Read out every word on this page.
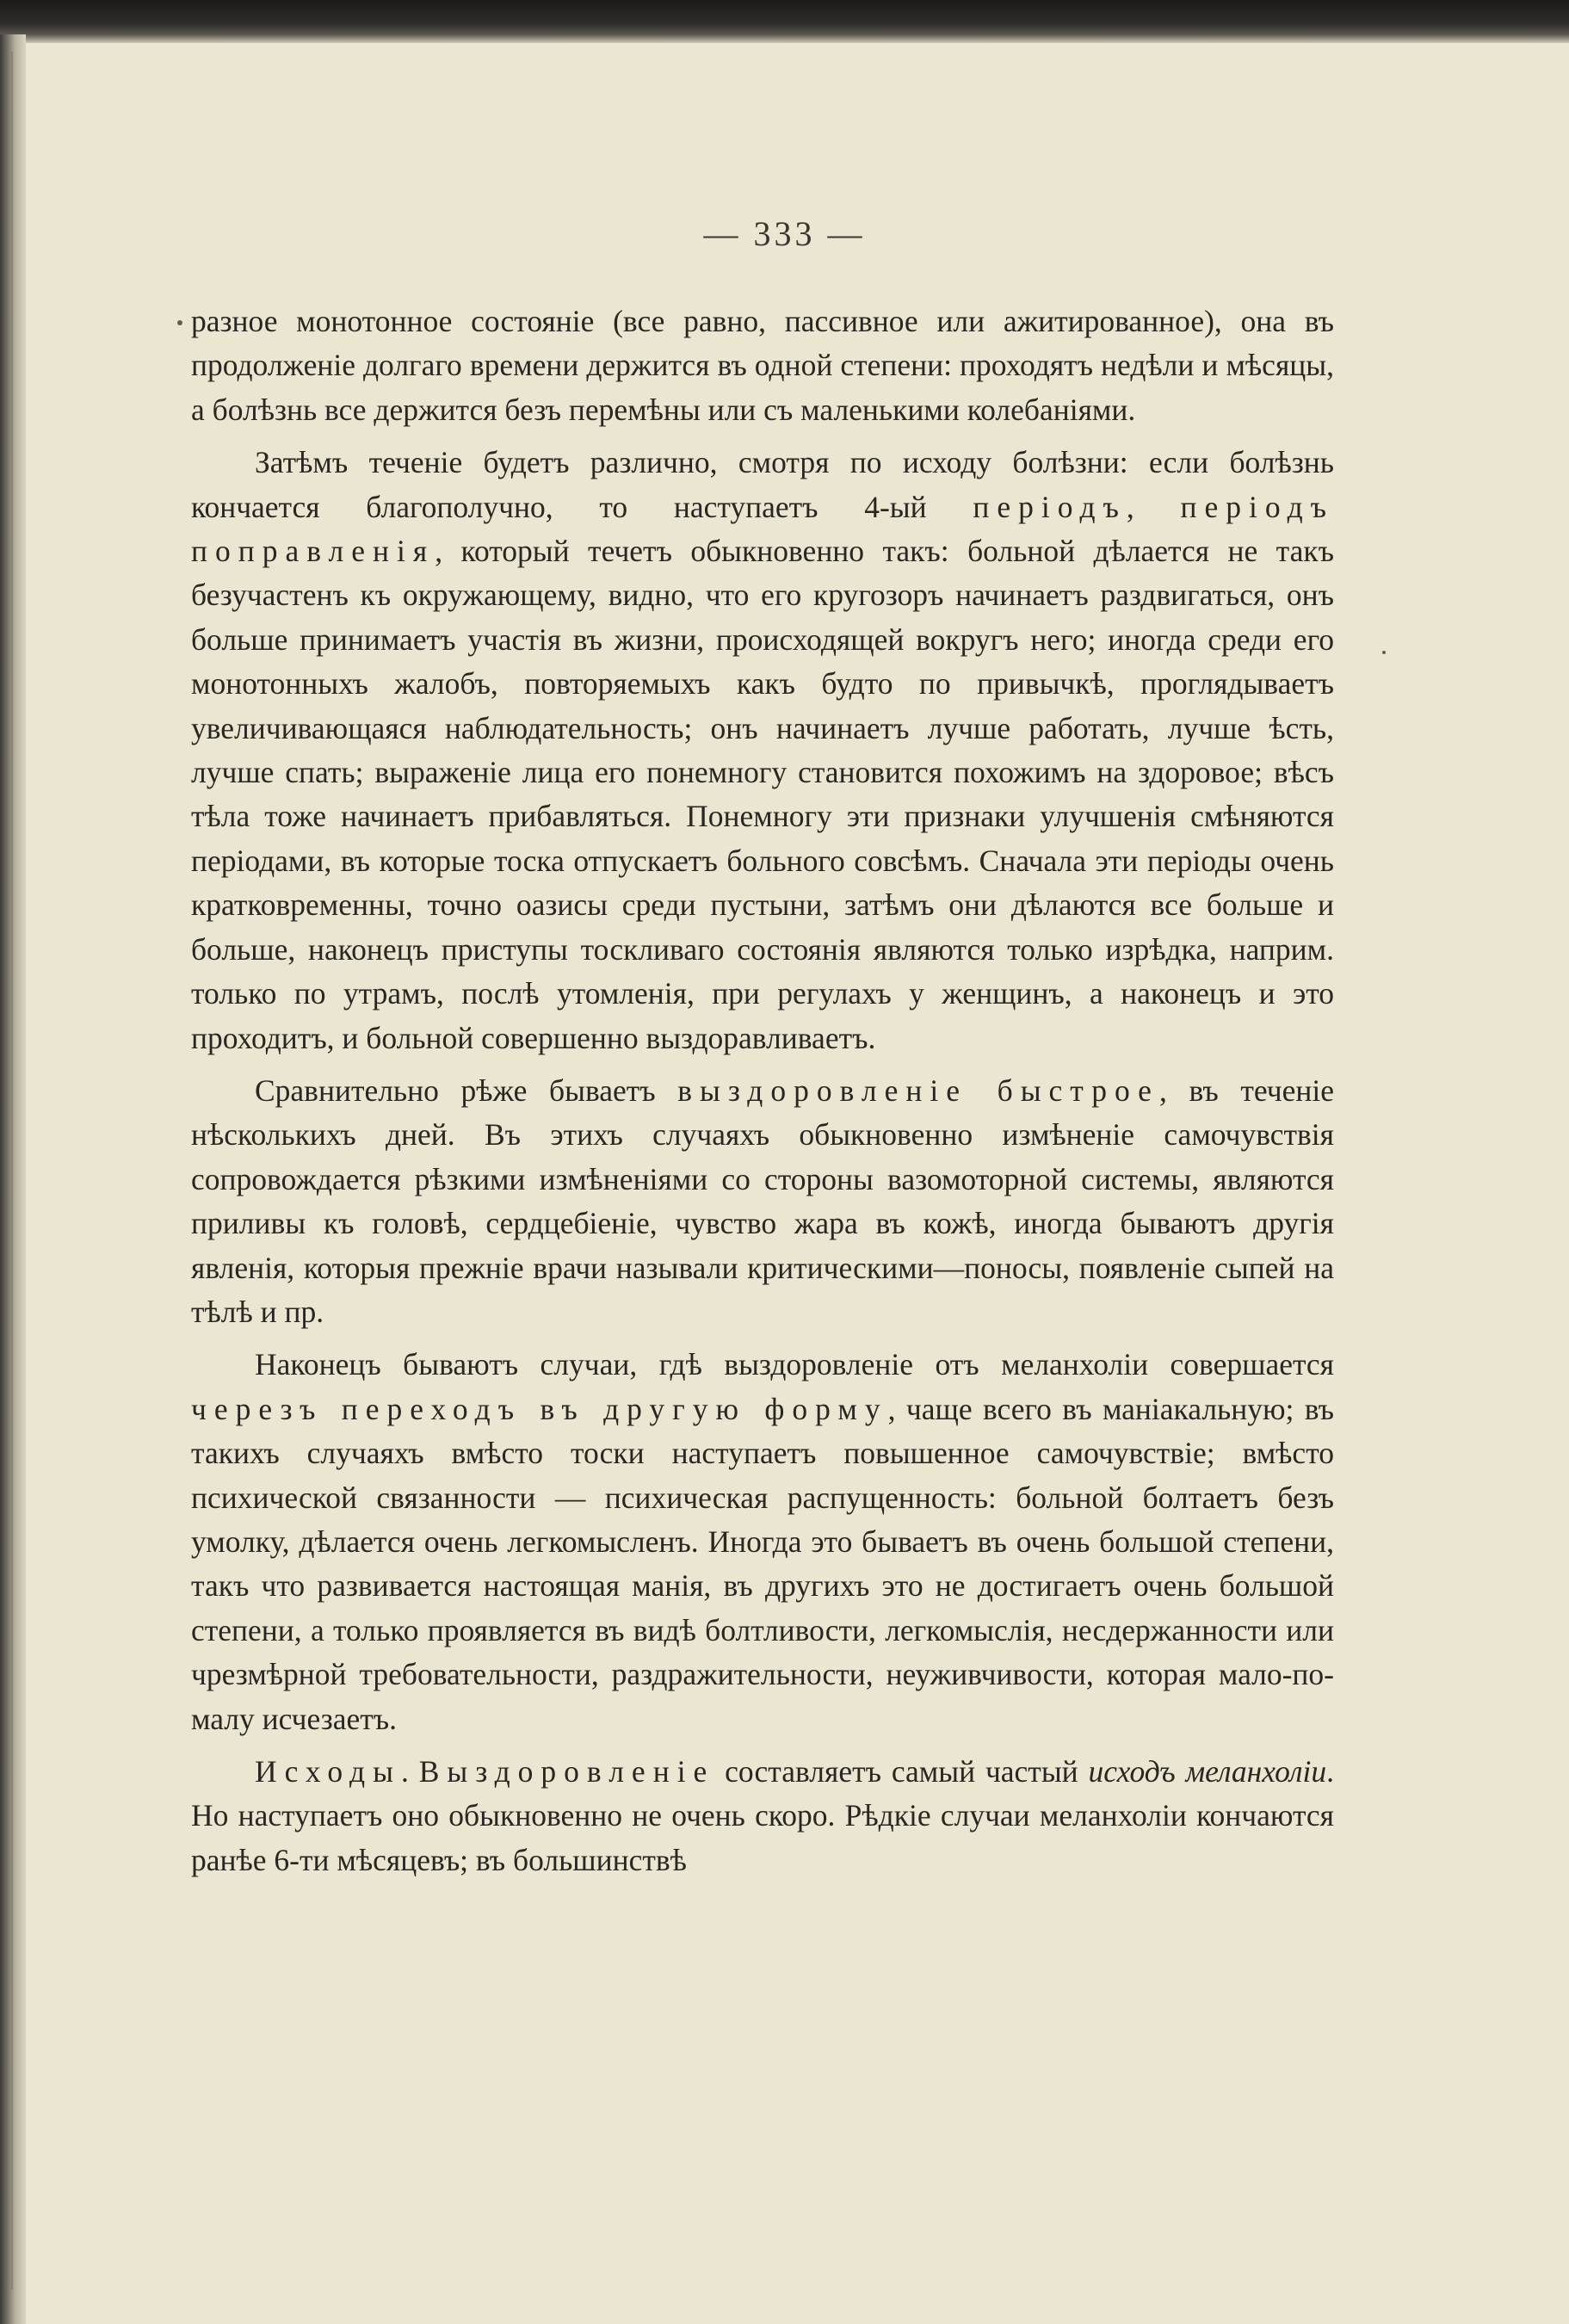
— 333 —

разное монотонное состояніе (все равно, пассивное или ажитированное), она въ продолженіе долгаго времени держится въ одной степени: проходятъ недѣли и мѣсяцы, а болѣзнь все держится безъ перемѣны или съ маленькими колебаніями.

Затѣмъ теченіе будетъ различно, смотря по исходу болѣзни: если болѣзнь кончается благополучно, то наступаетъ 4-ый періодъ, періодъ поправленія, который течетъ обыкновенно такъ: больной дѣлается не такъ безучастенъ къ окружающему, видно, что его кругозоръ начинаетъ раздвигаться, онъ больше принимаетъ участія въ жизни, происходящей вокругъ него; иногда среди его монотонныхъ жалобъ, повторяемыхъ какъ будто по привычкѣ, проглядываетъ увеличивающаяся наблюдательность; онъ начинаетъ лучше работать, лучше ѣсть, лучше спать; выраженіе лица его понемногу становится похожимъ на здоровое; вѣсъ тѣла тоже начинаетъ прибавляться. Понемногу эти признаки улучшенія смѣняются періодами, въ которые тоска отпускаетъ больного совсѣмъ. Сначала эти періоды очень кратковременны, точно оазисы среди пустыни, затѣмъ они дѣлаются все больше и больше, наконецъ приступы тоскливаго состоянія являются только изрѣдка, наприм. только по утрамъ, послѣ утомленія, при регулахъ у женщинъ, а наконецъ и это проходитъ, и больной совершенно выздоравливаетъ.

Сравнительно рѣже бываетъ выздоровленіе быстрое, въ теченіе нѣсколькихъ дней. Въ этихъ случаяхъ обыкновенно измѣненіе самочувствія сопровождается рѣзкими измѣненіями со стороны вазомоторной системы, являются приливы къ головѣ, сердцебіеніе, чувство жара въ кожѣ, иногда бываютъ другія явленія, которыя прежніе врачи называли критическими—поносы, появленіе сыпей на тѣлѣ и пр.

Наконецъ бываютъ случаи, гдѣ выздоровленіе отъ меланхоліи совершается черезъ переходъ въ другую форму, чаще всего въ маніакальную; въ такихъ случаяхъ вмѣсто тоски наступаетъ повышенное самочувствіе; вмѣсто психической связанности — психическая распущенность: больной болтаетъ безъ умолку, дѣлается очень легкомысленъ. Иногда это бываетъ въ очень большой степени, такъ что развивается настоящая манія, въ другихъ это не достигаетъ очень большой степени, а только проявляется въ видѣ болтливости, легкомыслія, несдержанности или чрезмѣрной требовательности, раздражительности, неуживчивости, которая мало-по-малу исчезаетъ.

Исходы. Выздоровленіе составляетъ самый частый исходъ меланхоліи. Но наступаетъ оно обыкновенно не очень скоро. Рѣдкіе случаи меланхоліи кончаются ранѣе 6-ти мѣсяцевъ; въ большинствѣ
